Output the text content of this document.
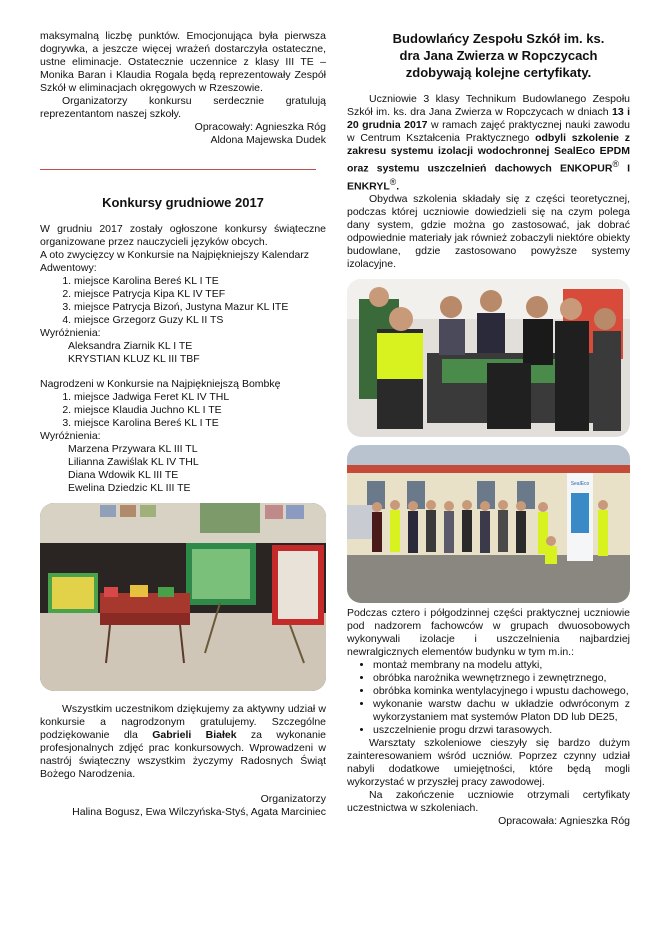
maksymalną liczbę punktów. Emocjonująca była pierwsza dogrywka, a jeszcze więcej wrażeń dostarczyła ostateczne, ustne eliminacje. Ostatecznie uczennice z klasy III TE – Monika Baran i Klaudia Rogala będą reprezentowały Zespół Szkół w eliminacjach okręgowych w Rzeszowie.

Organizatorzy konkursu serdecznie gratulują reprezentantom naszej szkoły.

Opracowały: Agnieszka Róg

Aldona Majewska Dudek

Konkursy grudniowe 2017

W grudniu 2017 zostały ogłoszone konkursy świąteczne organizowane przez nauczycieli języków obcych.

A oto zwycięzcy w Konkursie na Najpiękniejszy Kalendarz Adwentowy:

1. miejsce Karolina Bereś KL I TE
2. miejsce Patrycja Kipa KL IV TEF
3. miejsce Patrycja Bizoń, Justyna Mazur KL ITE
4. miejsce Grzegorz Guzy KL II TS

Wyróżnienia:

Aleksandra Ziarnik KL I TE

KRYSTIAN KLUZ KL III TBF

Nagrodzeni w Konkursie na Najpiękniejszą Bombkę

1. miejsce Jadwiga Feret KL IV THL
2. miejsce Klaudia Juchno KL I TE
3. miejsce Karolina Bereś KL I TE

Wyróżnienia:

Marzena Przywara KL III TL

Lilianna Zawiślak KL IV THL

Diana Wdowik KL III TE

Ewelina Dziedzic KL III TE

Wszystkim uczestnikom dziękujemy za aktywny udział w konkursie a nagrodzonym gratulujemy. Szczególne podziękowanie dla Gabrieli Białek za wykonanie profesjonalnych zdjęć prac konkursowych. Wprowadzeni w nastrój świąteczny wszystkim życzymy Radosnych Świąt Bożego Narodzenia.

Organizatorzy

Halina Bogusz, Ewa Wilczyńska-Styś, Agata Marciniec

Budowlańcy Zespołu Szkół im. ks.
dra Jana Zwierza w Ropczycach
zdobywają kolejne certyfikaty.

Uczniowie 3 klasy Technikum Budowlanego Zespołu Szkół im. ks. dra Jana Zwierza w Ropczycach w dniach 13 i 20 grudnia 2017 w ramach zajęć praktycznej nauki zawodu w Centrum Kształcenia Praktycznego odbyli szkolenie z zakresu systemu izolacji wodochronnej SealEco EPDM oraz systemu uszczelnień dachowych ENKOPUR® I ENKRYL®.

Obydwa szkolenia składały się z części teoretycznej, podczas której uczniowie dowiedzieli się na czym polega dany system, gdzie można go zastosować, jak dobrać odpowiednie materiały jak również zobaczyli niektóre obiekty budowlane, gdzie zastosowano powyższe systemy izolacyjne.

SealEco

Podczas cztero i półgodzinnej części praktycznej uczniowie pod nadzorem fachowców w grupach dwuosobowych wykonywali izolacje i uszczelnienia najbardziej newralgicznych elementów budynku w tym m.in.:

• montaż membrany na modelu attyki,
• obróbka narożnika wewnętrznego i zewnętrznego,
• obróbka kominka wentylacyjnego i wpustu dachowego,
• wykonanie warstw dachu w układzie odwróconym z wykorzystaniem mat systemów Platon DD lub DE25,
• uszczelnienie progu drzwi tarasowych.

Warsztaty szkoleniowe cieszyły się bardzo dużym zainteresowaniem wśród uczniów. Poprzez czynny udział nabyli dodatkowe umiejętności, które będą mogli wykorzystać w przyszłej pracy zawodowej.

Na zakończenie uczniowie otrzymali certyfikaty uczestnictwa w szkoleniach.

Opracowała: Agnieszka Róg
